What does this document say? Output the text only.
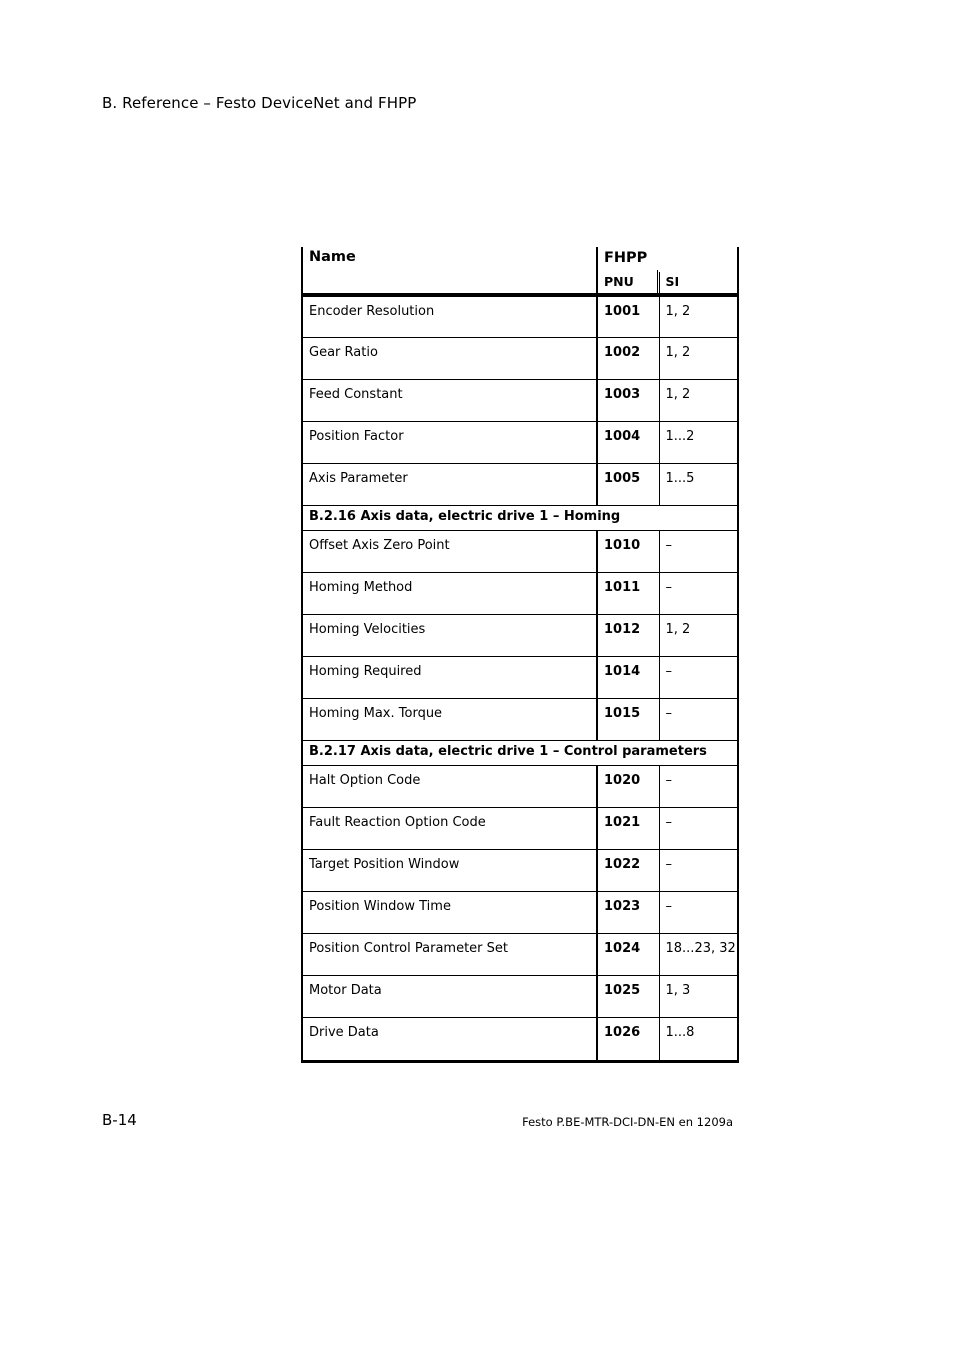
B. Reference – Festo DeviceNet and FHPP
Name	FHPP	
	PNU	SI
Encoder Resolution	1001	1, 2
Gear Ratio	1002	1, 2
Feed Constant	1003	1, 2
Position Factor	1004	1...2
Axis Parameter	1005	1...5
B.2.16 Axis data, electric drive 1 – Homing		
Offset Axis Zero Point	1010	–
Homing Method	1011	–
Homing Velocities	1012	1, 2
Homing Required	1014	–
Homing Max. Torque	1015	–
B.2.17 Axis data, electric drive 1 – Control parameters		
Halt Option Code	1020	–
Fault Reaction Option Code	1021	–
Target Position Window	1022	–
Position Window Time	1023	–
Position Control Parameter Set	1024	18...23, 32
Motor Data	1025	1, 3
Drive Data	1026	1...8
B-14	Festo P.BE-MTR-DCI-DN-EN en 1209a
